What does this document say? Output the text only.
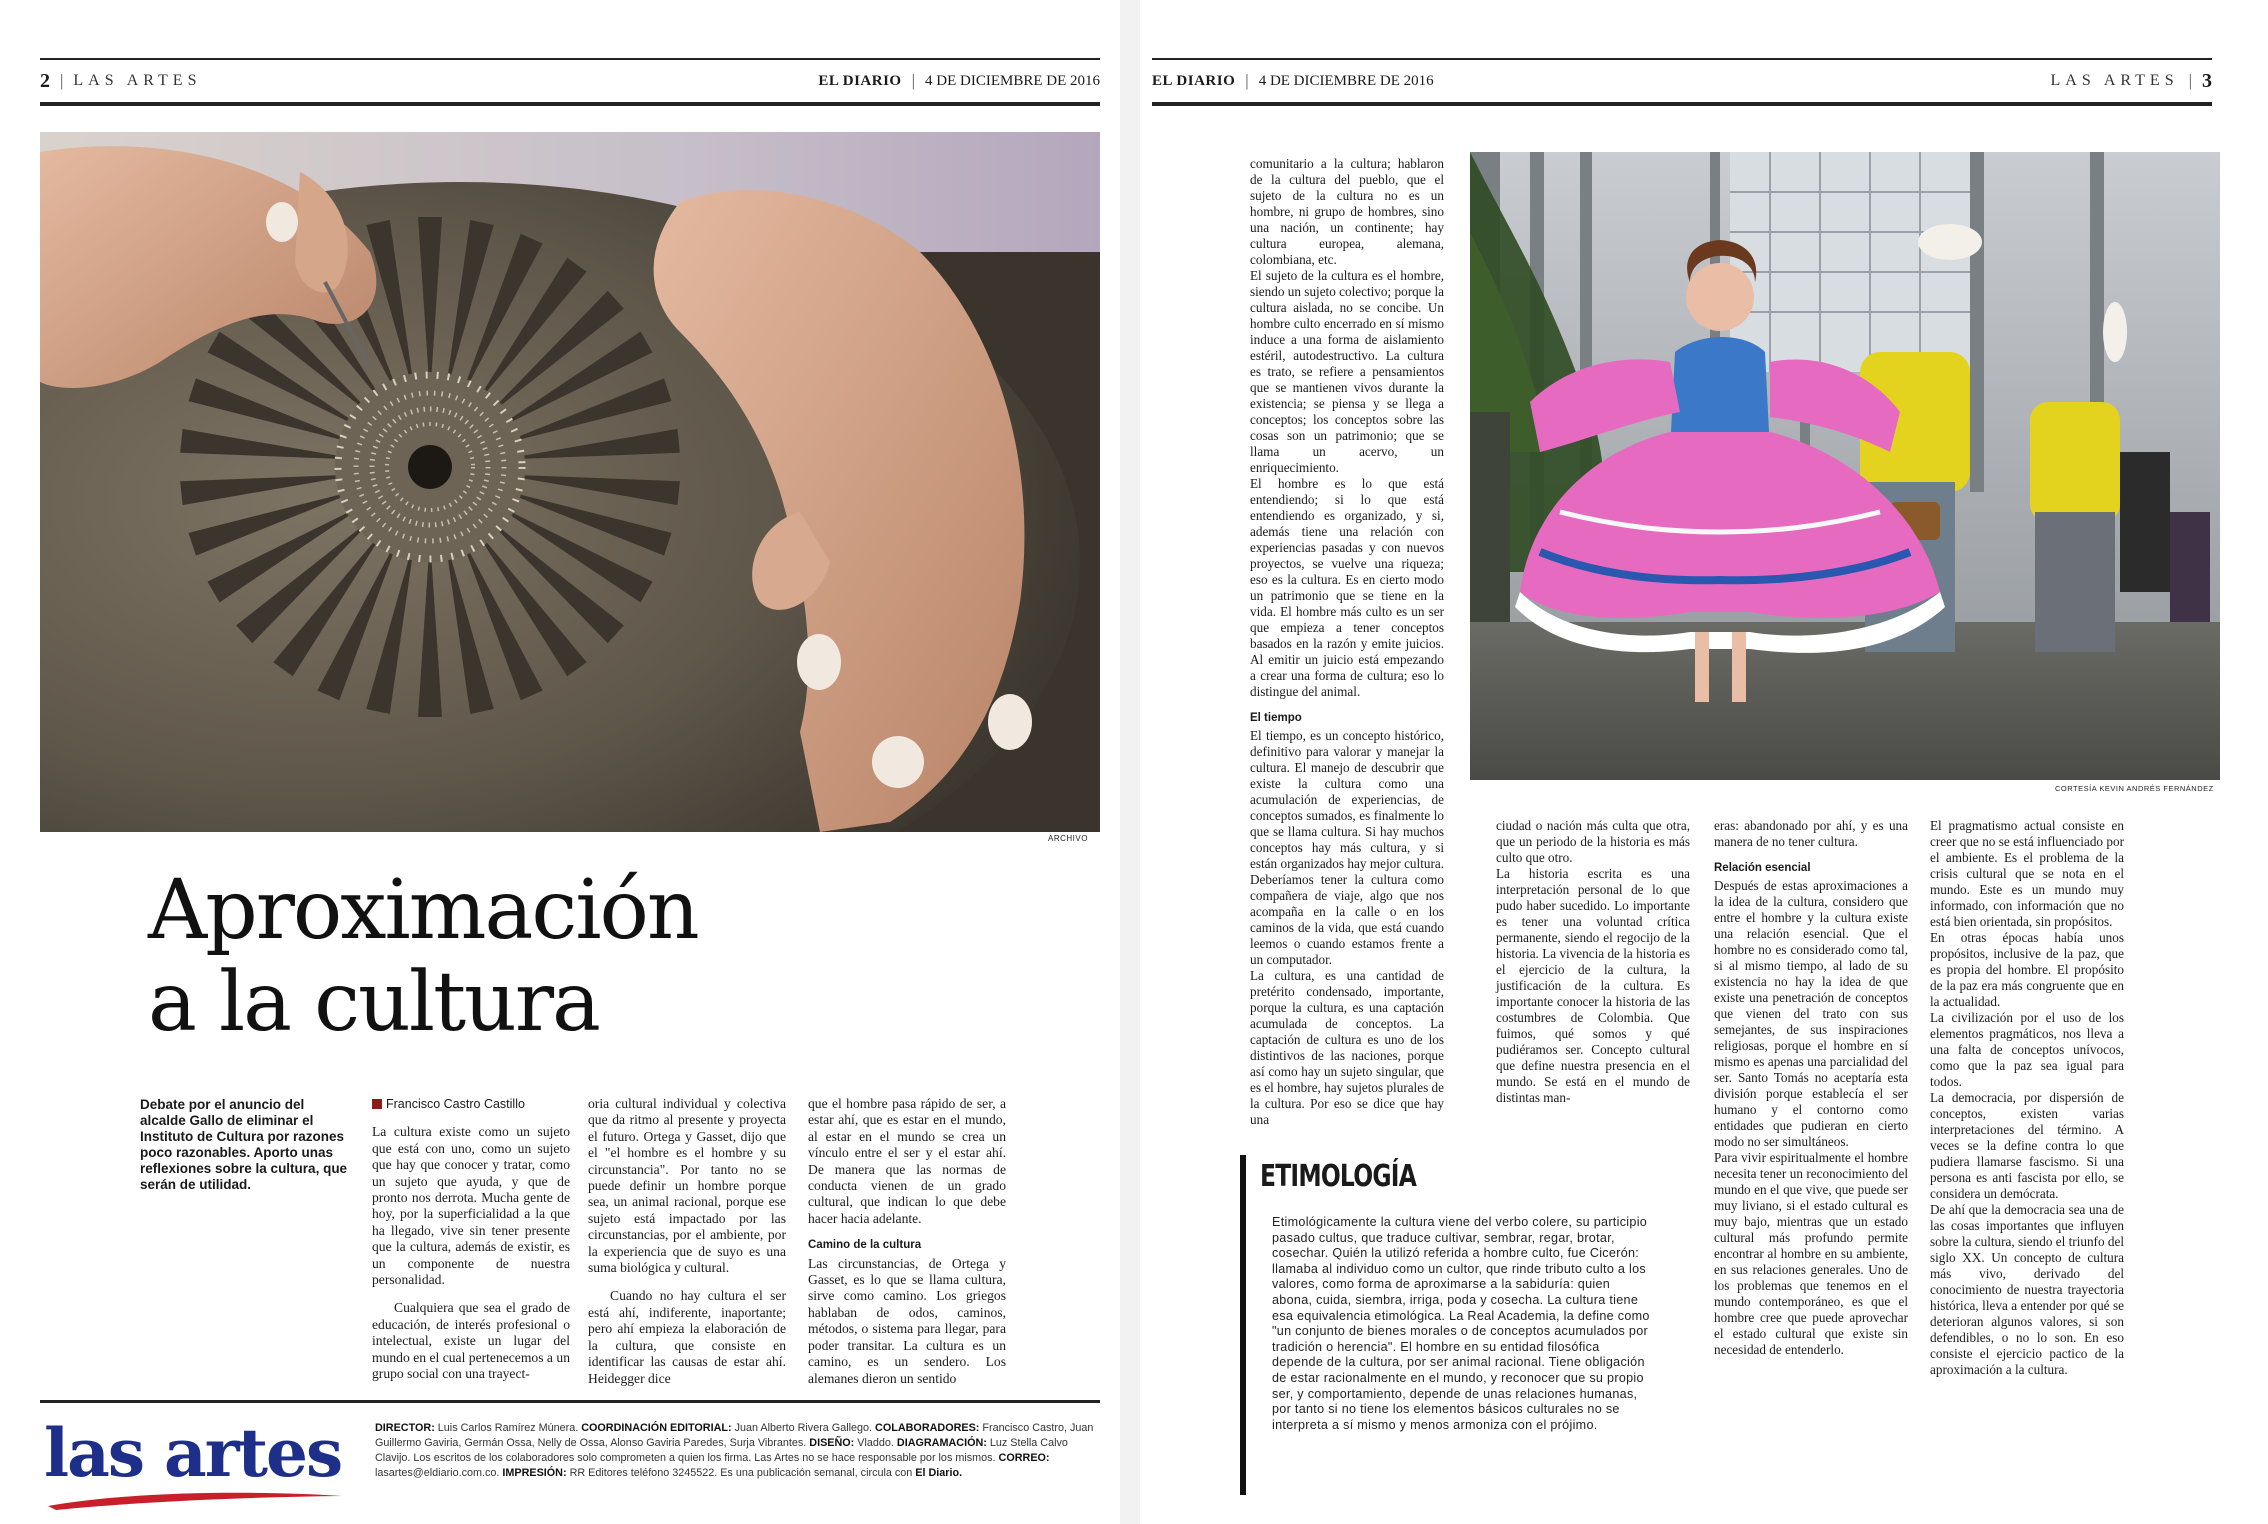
2 | LAS ARTES	EL DIARIO | 4 DE DICIEMBRE DE 2016
ARCHIVO
Aproximación
a la cultura
Debate por el anuncio del alcalde Gallo de eliminar el Instituto de Cultura por razones poco razonables. Aporto unas reflexiones sobre la cultura, que serán de utilidad.
Francisco Castro Castillo

La cultura existe como un sujeto que está con uno, como un sujeto que hay que conocer y tratar, como un sujeto que ayuda, y que de pronto nos derrota. Mucha gente de hoy, por la superficialidad a la que ha llegado, vive sin tener presente que la cultura, además de existir, es un componente de nuestra personalidad.

Cualquiera que sea el grado de educación, de interés profesional o intelectual, existe un lugar del mundo en el cual pertenecemos a un grupo social con una trayect-

oria cultural individual y colectiva que da ritmo al presente y proyecta el futuro. Ortega y Gasset, dijo que el "el hombre es el hombre y su circunstancia". Por tanto no se puede definir un hombre porque sea, un animal racional, porque ese sujeto está impactado por las circunstancias, por el ambiente, por la experiencia que de suyo es una suma biológica y cultural.

Cuando no hay cultura el ser está ahí, indiferente, inaportante; pero ahí empieza la elaboración de la cultura, que consiste en identificar las causas de estar ahí. Heidegger dice

que el hombre pasa rápido de ser, a estar ahí, que es estar en el mundo, al estar en el mundo se crea un vínculo entre el ser y el estar ahí. De manera que las normas de conducta vienen de un grado cultural, que indican lo que debe hacer hacia adelante.

Camino de la cultura

Las circunstancias, de Ortega y Gasset, es lo que se llama cultura, sirve como camino. Los griegos hablaban de odos, caminos, métodos, o sistema para llegar, para poder transitar. La cultura es un camino, es un sendero. Los alemanes dieron un sentido

las artes	DIRECTOR: Luis Carlos Ramírez Múnera. COORDINACIÓN EDITORIAL: Juan Alberto Rivera Gallego. COLABORADORES: Francisco Castro, Juan Guillermo Gaviria, Germán Ossa, Nelly de Ossa, Alonso Gaviria Paredes, Surja Vibrantes. DISEÑO: Vladdo. DIAGRAMACIÓN: Luz Stella Calvo Clavijo. Los escritos de los colaboradores solo comprometen a quien los firma. Las Artes no se hace responsable por los mismos. CORREO: lasartes@eldiario.com.co. IMPRESIÓN: RR Editores teléfono 3245522. Es una publicación semanal, circula con El Diario.
EL DIARIO | 4 DE DICIEMBRE DE 2016	LAS ARTES | 3

comunitario a la cultura; hablaron de la cultura del pueblo, que el sujeto de la cultura no es un hombre, ni grupo de hombres, sino una nación, un continente; hay cultura europea, alemana, colombiana, etc.

El sujeto de la cultura es el hombre, siendo un sujeto colectivo; porque la cultura aislada, no se concibe. Un hombre culto encerrado en sí mismo induce a una forma de aislamiento estéril, autodestructivo. La cultura es trato, se refiere a pensamientos que se mantienen vivos durante la existencia; se piensa y se llega a conceptos; los conceptos sobre las cosas son un patrimonio; que se llama un acervo, un enriquecimiento.

El hombre es lo que está entendiendo; si lo que está entendiendo es organizado, y si, además tiene una relación con experiencias pasadas y con nuevos proyectos, se vuelve una riqueza; eso es la cultura. Es en cierto modo un patrimonio que se tiene en la vida. El hombre más culto es un ser que empieza a tener conceptos basados en la razón y emite juicios. Al emitir un juicio está empezando a crear una forma de cultura; eso lo distingue del animal.

El tiempo

El tiempo, es un concepto histórico, definitivo para valorar y manejar la cultura. El manejo de descubrir que existe la cultura como una acumulación de experiencias, de conceptos sumados, es finalmente lo que se llama cultura. Si hay muchos conceptos hay más cultura, y si están organizados hay mejor cultura. Deberíamos tener la cultura como compañera de viaje, algo que nos acompaña en la calle o en los caminos de la vida, que está cuando leemos o cuando estamos frente a un computador.

La cultura, es una cantidad de pretérito condensado, importante, porque la cultura, es una captación acumulada de conceptos. La captación de cultura es uno de los distintivos de las naciones, porque así como hay un sujeto singular, que es el hombre, hay sujetos plurales de la cultura. Por eso se dice que hay una

CORTESÍA KEVIN ANDRÉS FERNÁNDEZ

ciudad o nación más culta que otra, que un periodo de la historia es más culto que otro.

La historia escrita es una interpretación personal de lo que pudo haber sucedido. Lo importante es tener una voluntad crítica permanente, siendo el regocijo de la historia. La vivencia de la historia es el ejercicio de la cultura, la justificación de la cultura. Es importante conocer la historia de las costumbres de Colombia. Que fuimos, qué somos y qué pudiéramos ser. Concepto cultural que define nuestra presencia en el mundo. Se está en el mundo de distintas man-

eras: abandonado por ahí, y es una manera de no tener cultura.

Relación esencial

Después de estas aproximaciones a la idea de la cultura, considero que entre el hombre y la cultura existe una relación esencial. Que el hombre no es considerado como tal, si al mismo tiempo, al lado de su existencia no hay la idea de que existe una penetración de conceptos que vienen del trato con sus semejantes, de sus inspiraciones religiosas, porque el hombre en sí mismo es apenas una parcialidad del ser. Santo Tomás no aceptaría esta división porque establecía el ser humano y el contorno como entidades que pudieran en cierto modo no ser simultáneos.

Para vivir espiritualmente el hombre necesita tener un reconocimiento del mundo en el que vive, que puede ser muy liviano, si el estado cultural es muy bajo, mientras que un estado cultural más profundo permite encontrar al hombre en su ambiente, en sus relaciones generales. Uno de los problemas que tenemos en el mundo contemporáneo, es que el hombre cree que puede aprovechar el estado cultural que existe sin necesidad de entenderlo.

El pragmatismo actual consiste en creer que no se está influenciado por el ambiente. Es el problema de la crisis cultural que se nota en el mundo. Este es un mundo muy informado, con información que no está bien orientada, sin propósitos.

En otras épocas había unos propósitos, inclusive de la paz, que es propia del hombre. El propósito de la paz era más congruente que en la actualidad.

La civilización por el uso de los elementos pragmáticos, nos lleva a una falta de conceptos unívocos, como que la paz sea igual para todos.

La democracia, por dispersión de conceptos, existen varias interpretaciones del término. A veces se la define contra lo que pudiera llamarse fascismo. Si una persona es anti fascista por ello, se considera un demócrata.

De ahí que la democracia sea una de las cosas importantes que influyen sobre la cultura, siendo el triunfo del siglo XX. Un concepto de cultura más vivo, derivado del conocimiento de nuestra trayectoria histórica, lleva a entender por qué se deterioran algunos valores, si son defendibles, o no lo son. En eso consiste el ejercicio pactico de la aproximación a la cultura.

ETIMOLOGÍA
Etimológicamente la cultura viene del verbo colere, su participio pasado cultus, que traduce cultivar, sembrar, regar, brotar, cosechar. Quién la utilizó referida a hombre culto, fue Cicerón: llamaba al individuo como un cultor, que rinde tributo culto a los valores, como forma de aproximarse a la sabiduría: quien abona, cuida, siembra, irriga, poda y cosecha. La cultura tiene esa equivalencia etimológica. La Real Academia, la define como "un conjunto de bienes morales o de conceptos acumulados por tradición o herencia". El hombre en su entidad filosófica depende de la cultura, por ser animal racional. Tiene obligación de estar racionalmente en el mundo, y reconocer que su propio ser, y comportamiento, depende de unas relaciones humanas, por tanto si no tiene los elementos básicos culturales no se interpreta a sí mismo y menos armoniza con el prójimo.
